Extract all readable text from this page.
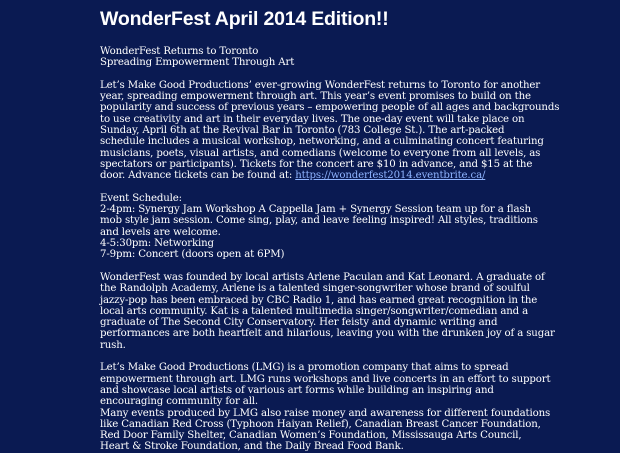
WonderFest April 2014 Edition!!

WonderFest Returns to Toronto

Spreading Empowerment Through Art

Let’s Make Good Productions’ ever-growing WonderFest returns to Toronto for another

year, spreading empowerment through art. This year’s event promises to build on the

popularity and success of previous years – empowering people of all ages and backgrounds

to use creativity and art in their everyday lives. The one-day event will take place on

Sunday, April 6th at the Revival Bar in Toronto (783 College St.). The art-packed

schedule includes a musical workshop, networking, and a culminating concert featuring

musicians, poets, visual artists, and comedians (welcome to everyone from all levels, as

spectators or participants). Tickets for the concert are $10 in advance, and $15 at the

door. Advance tickets can be found at: https://wonderfest2014.eventbrite.ca/

Event Schedule:

2-4pm: Synergy Jam Workshop A Cappella Jam + Synergy Session team up for a flash

mob style jam session. Come sing, play, and leave feeling inspired! All styles, traditions

and levels are welcome.

4-5:30pm: Networking

7-9pm: Concert (doors open at 6PM)

WonderFest was founded by local artists Arlene Paculan and Kat Leonard. A graduate of

the Randolph Academy, Arlene is a talented singer-songwriter whose brand of soulful

jazzy-pop has been embraced by CBC Radio 1, and has earned great recognition in the

local arts community. Kat is a talented multimedia singer/songwriter/comedian and a

graduate of The Second City Conservatory. Her feisty and dynamic writing and

performances are both heartfelt and hilarious, leaving you with the drunken joy of a sugar

rush.

Let’s Make Good Productions (LMG) is a promotion company that aims to spread

empowerment through art. LMG runs workshops and live concerts in an effort to support

and showcase local artists of various art forms while building an inspiring and

encouraging community for all.

Many events produced by LMG also raise money and awareness for different foundations

like Canadian Red Cross (Typhoon Haiyan Relief), Canadian Breast Cancer Foundation,

Red Door Family Shelter, Canadian Women’s Foundation, Mississauga Arts Council,

Heart & Stroke Foundation, and the Daily Bread Food Bank.
